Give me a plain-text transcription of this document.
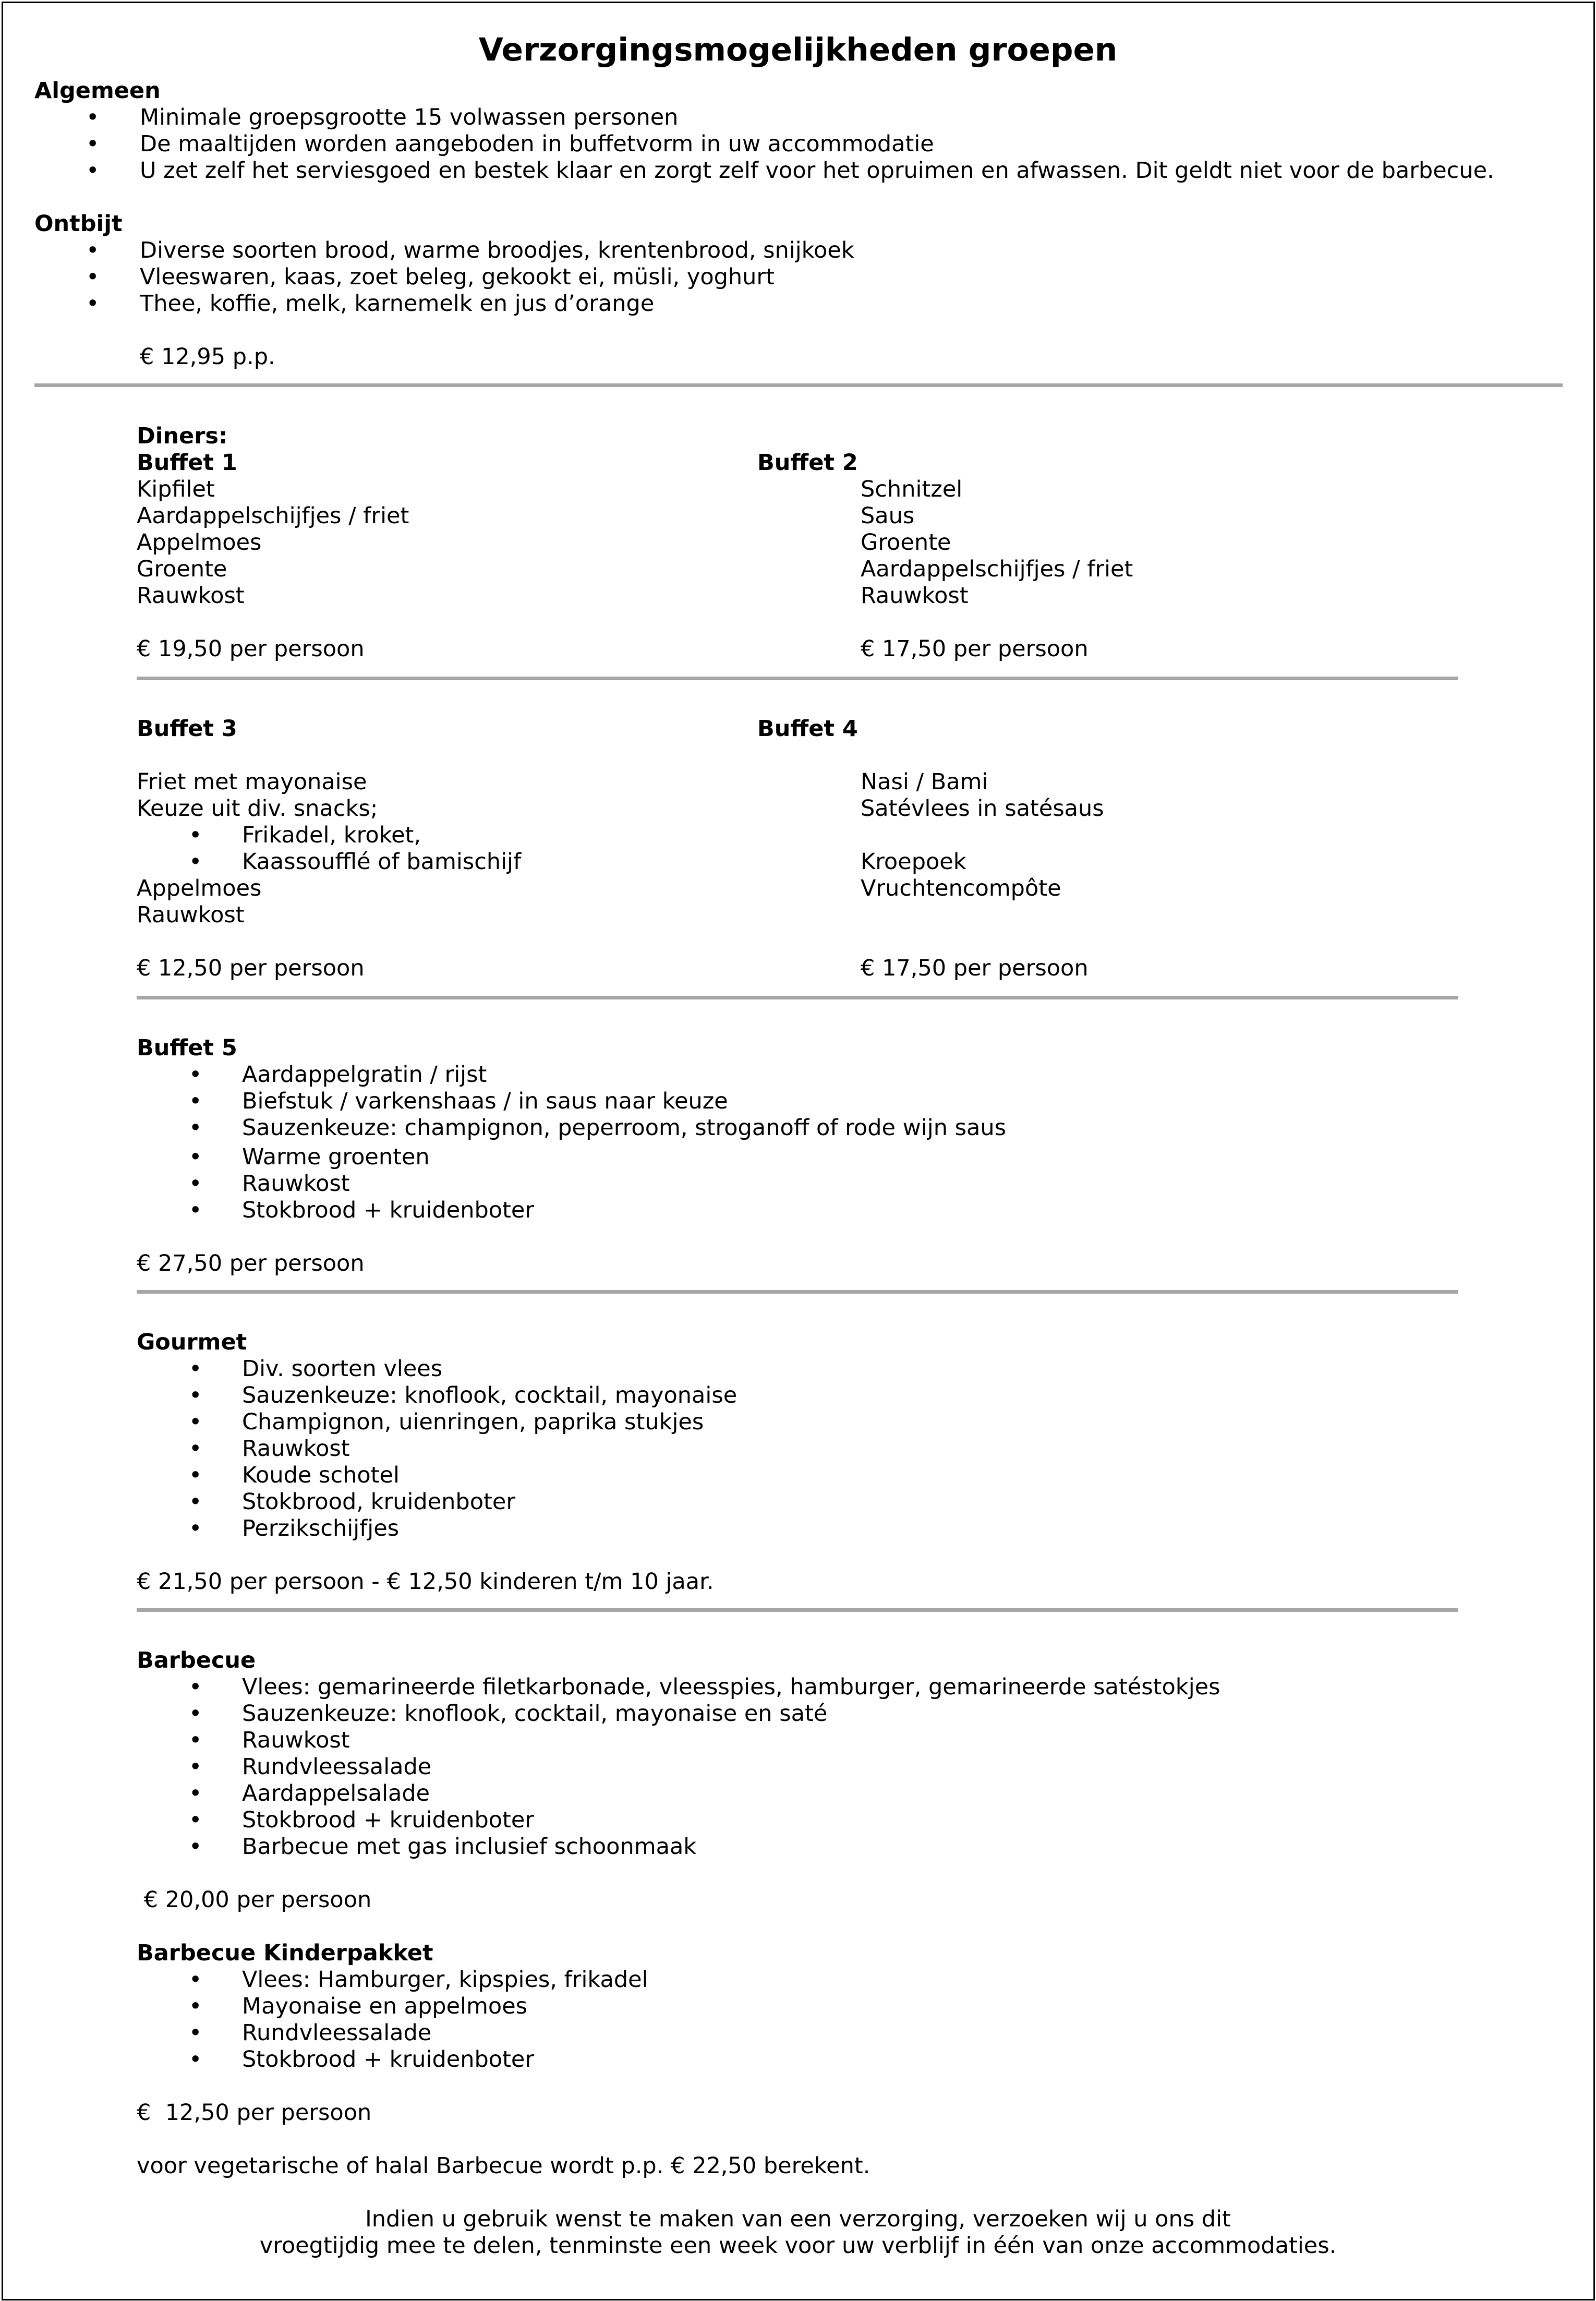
Verzorgingsmogelijkheden groepen
Algemeen
• Minimale groepsgrootte 15 volwassen personen
• De maaltijden worden aangeboden in buffetvorm in uw accommodatie
• U zet zelf het serviesgoed en bestek klaar en zorgt zelf voor het opruimen en afwassen. Dit geldt niet voor de barbecue.
Ontbijt
• Diverse soorten brood, warme broodjes, krentenbrood, snijkoek
• Vleeswaren, kaas, zoet beleg, gekookt ei, müsli, yoghurt
• Thee, koffie, melk, karnemelk en jus d’orange
€ 12,95 p.p.
Diners:
Buffet 1
Kipfilet
Aardappelschijfjes / friet
Appelmoes
Groente
Rauwkost
€ 19,50 per persoon
Buffet 2
Schnitzel
Saus
Groente
Aardappelschijfjes / friet
Rauwkost
€ 17,50 per persoon
Buffet 3
Friet met mayonaise
Keuze uit div. snacks;
• Frikadel, kroket,
• Kaassoufflé of bamischijf
Appelmoes
Rauwkost
€ 12,50 per persoon
Buffet 4
Nasi / Bami
Satévlees in satésaus
Kroepoek
Vruchtencompôte
€ 17,50 per persoon
Buffet 5
• Aardappelgratin / rijst
• Biefstuk / varkenshaas / in saus naar keuze
• Sauzenkeuze: champignon, peperroom, stroganoff of rode wijn saus
• Warme groenten
• Rauwkost
• Stokbrood + kruidenboter
€ 27,50 per persoon
Gourmet
• Div. soorten vlees
• Sauzenkeuze: knoflook, cocktail, mayonaise
• Champignon, uienringen, paprika stukjes
• Rauwkost
• Koude schotel
• Stokbrood, kruidenboter
• Perzikschijfjes
€ 21,50 per persoon - € 12,50 kinderen t/m 10 jaar.
Barbecue
• Vlees: gemarineerde filetkarbonade, vleesspies, hamburger, gemarineerde satéstokjes
• Sauzenkeuze: knoflook, cocktail, mayonaise en saté
• Rauwkost
• Rundvleessalade
• Aardappelsalade
• Stokbrood + kruidenboter
• Barbecue met gas inclusief schoonmaak
€ 20,00 per persoon
Barbecue Kinderpakket
• Vlees: Hamburger, kipspies, frikadel
• Mayonaise en appelmoes
• Rundvleessalade
• Stokbrood + kruidenboter
€  12,50 per persoon
voor vegetarische of halal Barbecue wordt p.p. € 22,50 berekent.
Indien u gebruik wenst te maken van een verzorging, verzoeken wij u ons dit
vroegtijdig mee te delen, tenminste een week voor uw verblijf in één van onze accommodaties.
